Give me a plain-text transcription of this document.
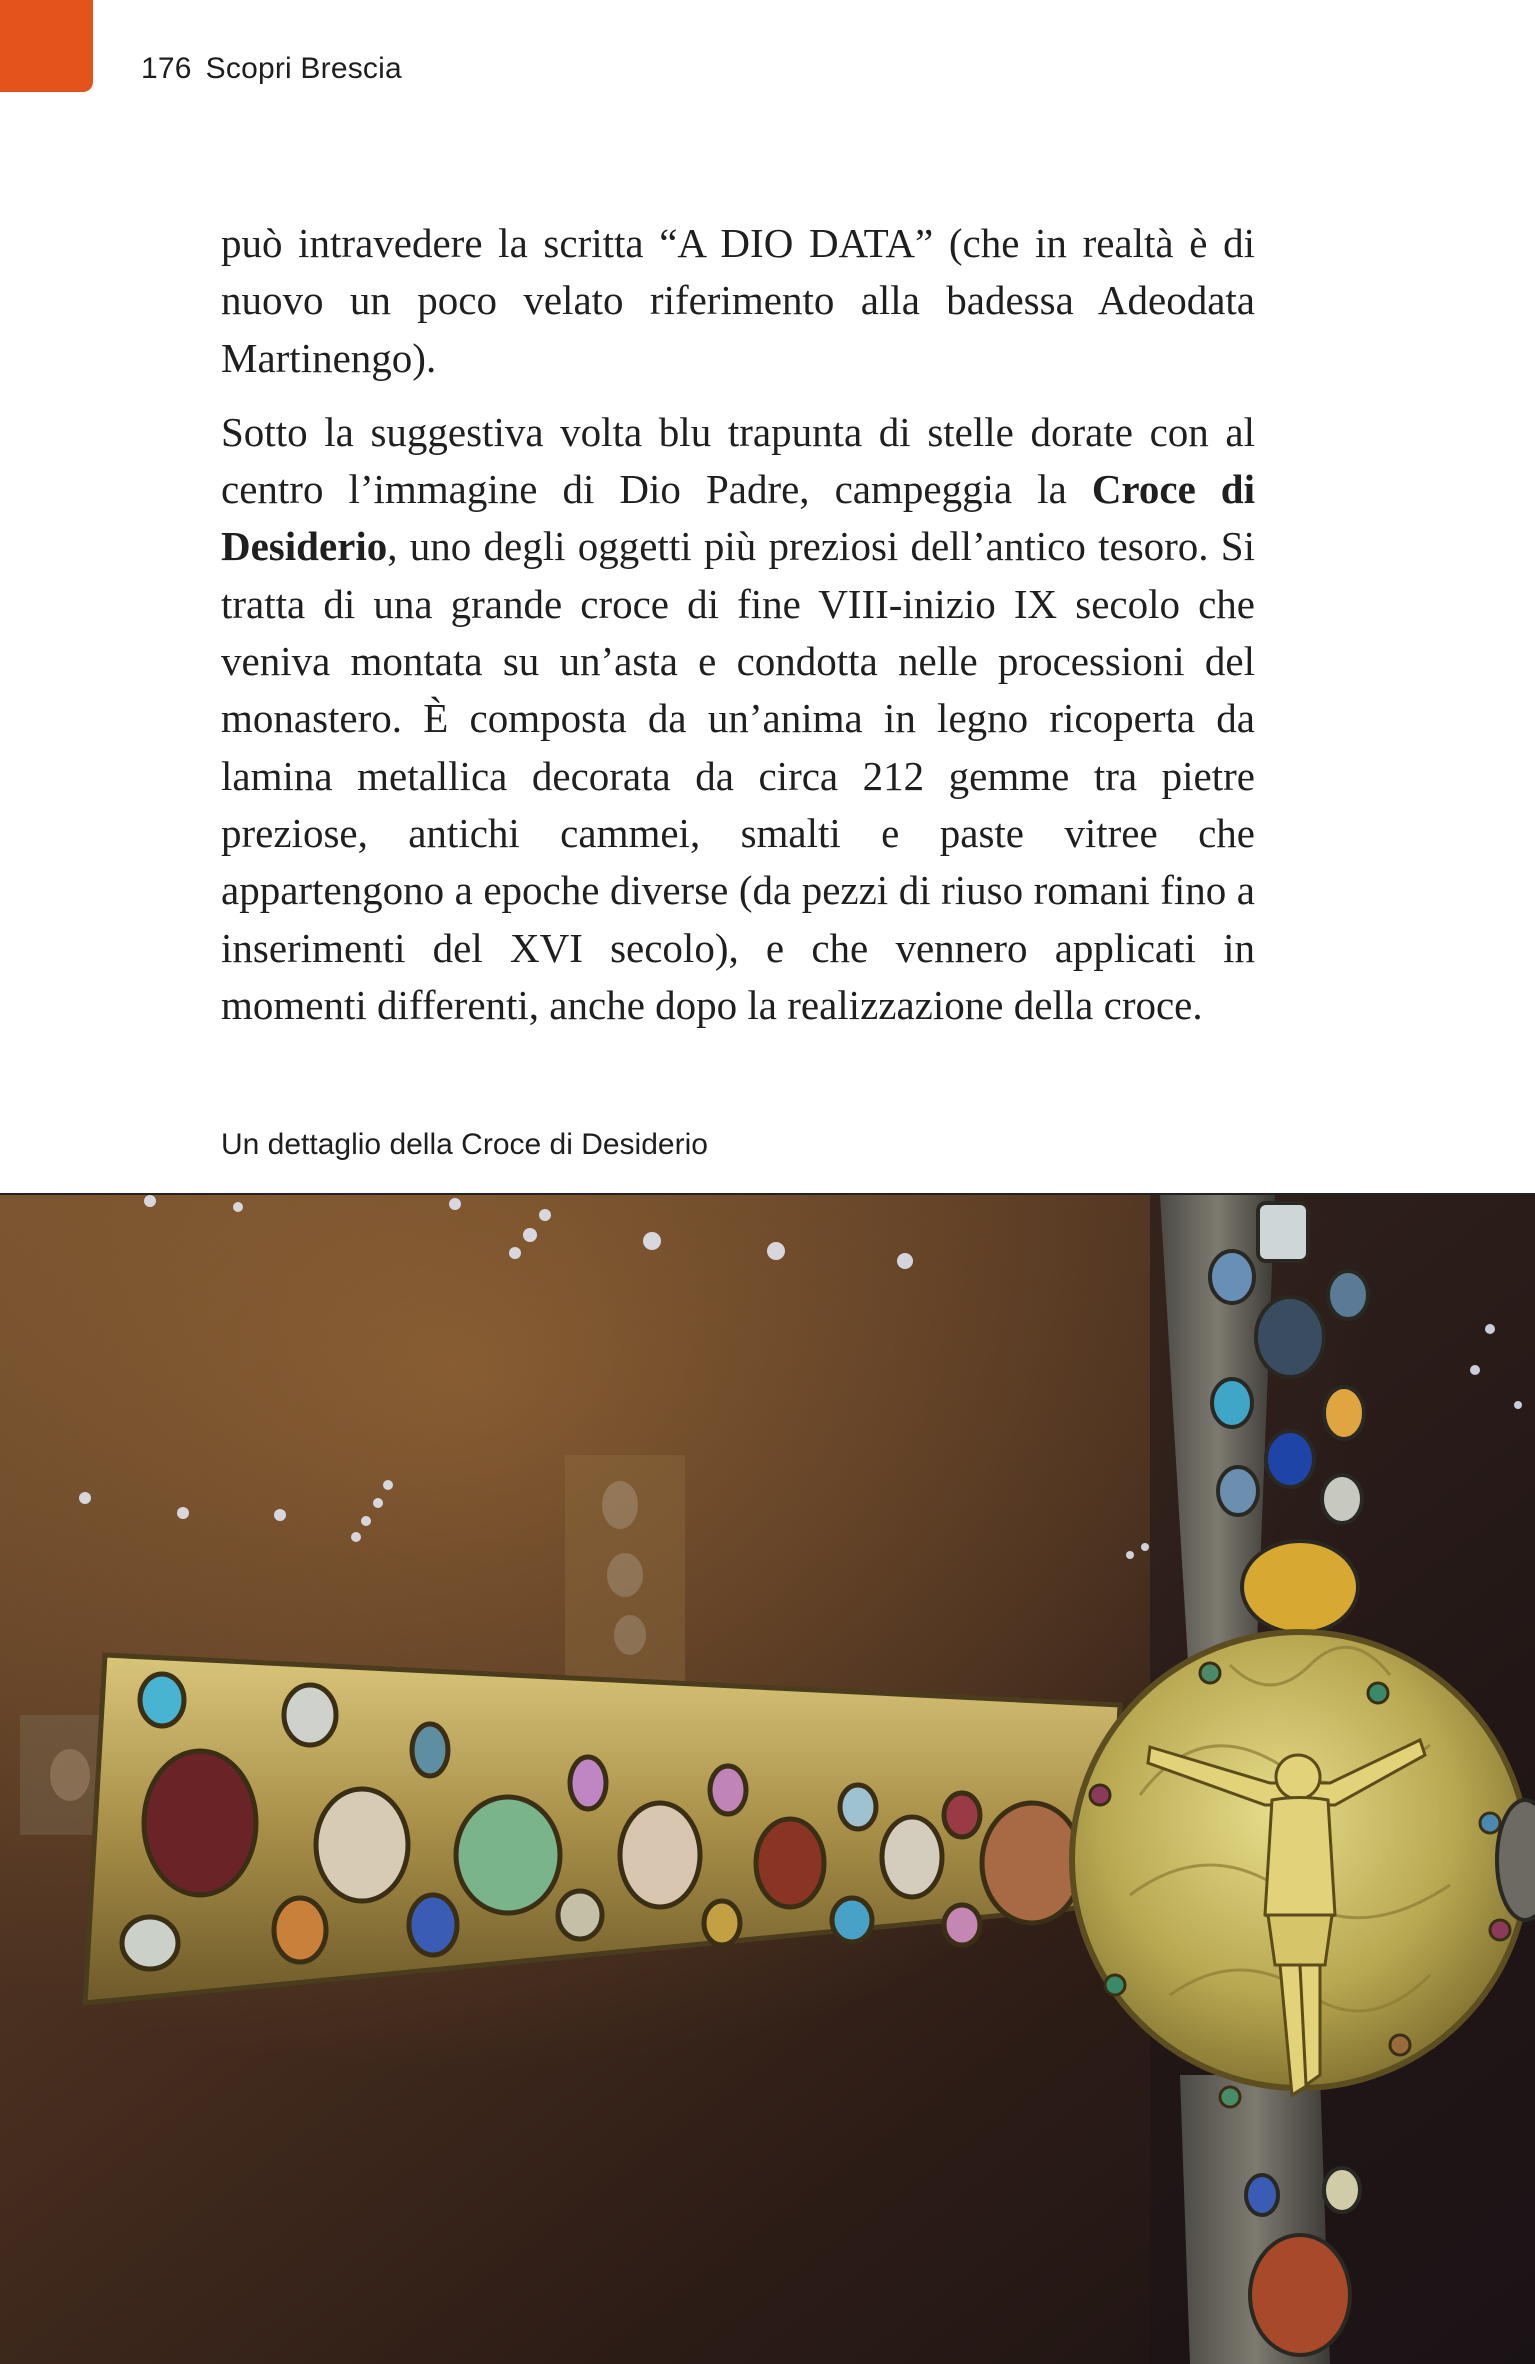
176 Scopri Brescia

può intravedere la scritta “A DIO DATA” (che in realtà è di nuovo un poco velato riferimento alla badessa Adeodata Martinengo).

Sotto la suggestiva volta blu trapunta di stelle dorate con al centro l’immagine di Dio Padre, campeggia la Croce di Desiderio, uno degli oggetti più preziosi dell’antico tesoro. Si tratta di una grande croce di fine VIII-inizio IX secolo che veniva montata su un’asta e condotta nelle processioni del monastero. È composta da un’anima in legno ricoperta da lamina metallica decorata da circa 212 gemme tra pietre preziose, antichi cammei, smalti e paste vitree che appartengono a epoche diverse (da pezzi di riuso romani fino a inserimenti del XVI secolo), e che vennero applicati in momenti differenti, anche dopo la realizzazione della croce.

Un dettaglio della Croce di Desiderio
